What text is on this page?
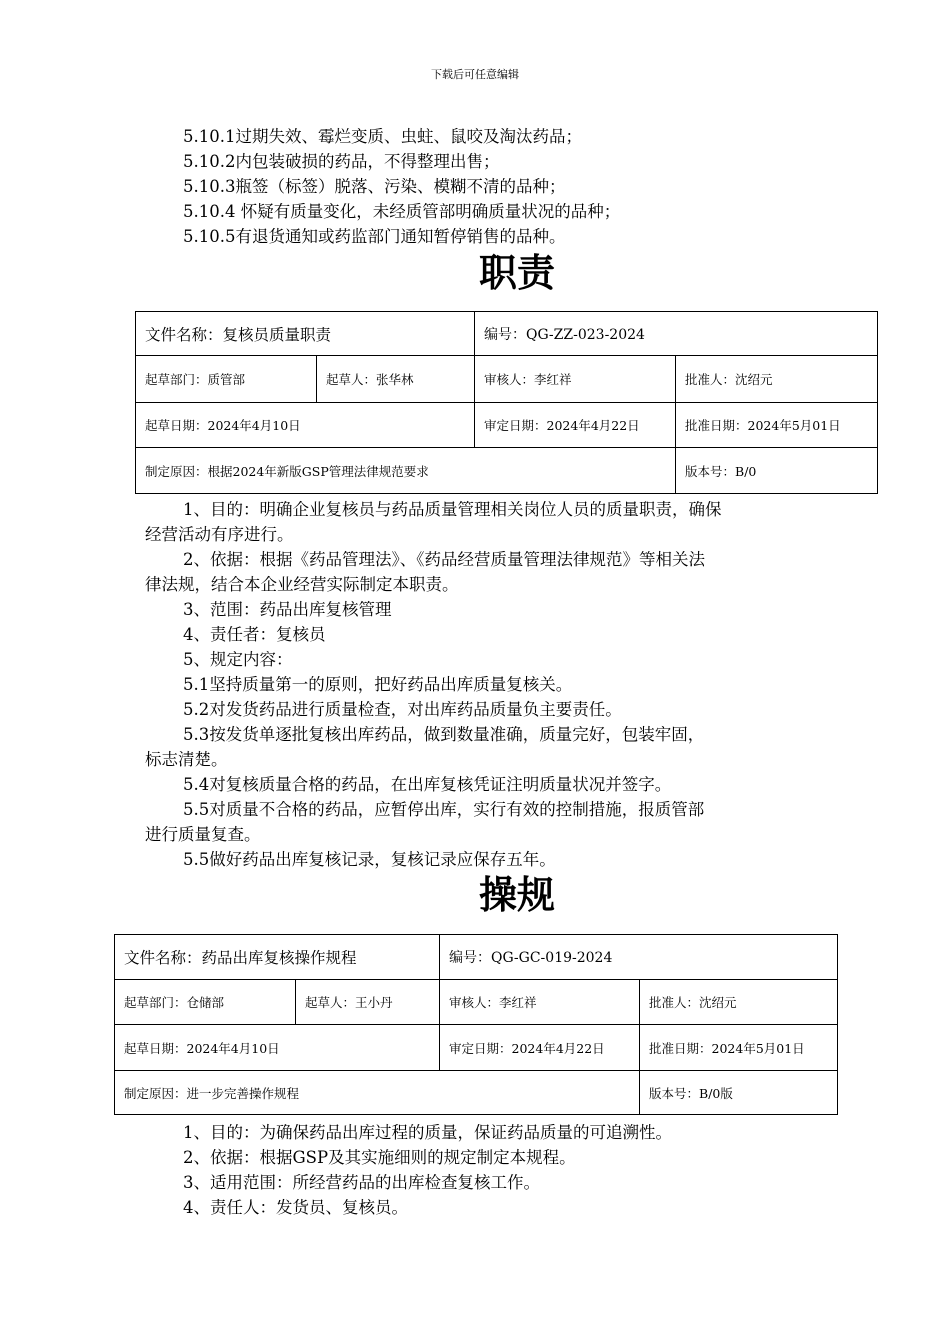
下载后可任意编辑
5.10.1过期失效、霉烂变质、虫蛀、鼠咬及淘汰药品；
5.10.2内包装破损的药品，不得整理出售；
5.10.3瓶签（标签）脱落、污染、模糊不清的品种；
5.10.4 怀疑有质量变化，未经质管部明确质量状况的品种；
5.10.5有退货通知或药监部门通知暂停销售的品种。
职责
文件名称：复核员质量职责		编号：QG-ZZ-023-2024	
起草部门：质管部	起草人：张华林	审核人：李红祥	批准人：沈绍元
起草日期：2024年4月10日		审定日期：2024年4月22日	批准日期：2024年5月01日
制定原因：根据2024年新版GSP管理法律规范要求			版本号：B/0
1、目的：明确企业复核员与药品质量管理相关岗位人员的质量职责，确保
经营活动有序进行。
2、依据：根据《药品管理法》、《药品经营质量管理法律规范》等相关法
律法规，结合本企业经营实际制定本职责。
3、范围：药品出库复核管理
4、责任者：复核员
5、规定内容：
5.1坚持质量第一的原则，把好药品出库质量复核关。
5.2对发货药品进行质量检查，对出库药品质量负主要责任。
5.3按发货单逐批复核出库药品，做到数量准确，质量完好，包装牢固，
标志清楚。
5.4对复核质量合格的药品，在出库复核凭证注明质量状况并签字。
5.5对质量不合格的药品，应暂停出库，实行有效的控制措施，报质管部
进行质量复查。
5.5做好药品出库复核记录，复核记录应保存五年。
操规
文件名称：药品出库复核操作规程		编号：QG-GC-019-2024	
起草部门：仓储部	起草人：王小丹	审核人：李红祥	批准人：沈绍元
起草日期：2024年4月10日		审定日期：2024年4月22日	批准日期：2024年5月01日
制定原因：进一步完善操作规程			版本号：B/0版
1、目的：为确保药品出库过程的质量，保证药品质量的可追溯性。
2、依据：根据GSP及其实施细则的规定制定本规程。
3、适用范围：所经营药品的出库检查复核工作。
4、责任人：发货员、复核员。
